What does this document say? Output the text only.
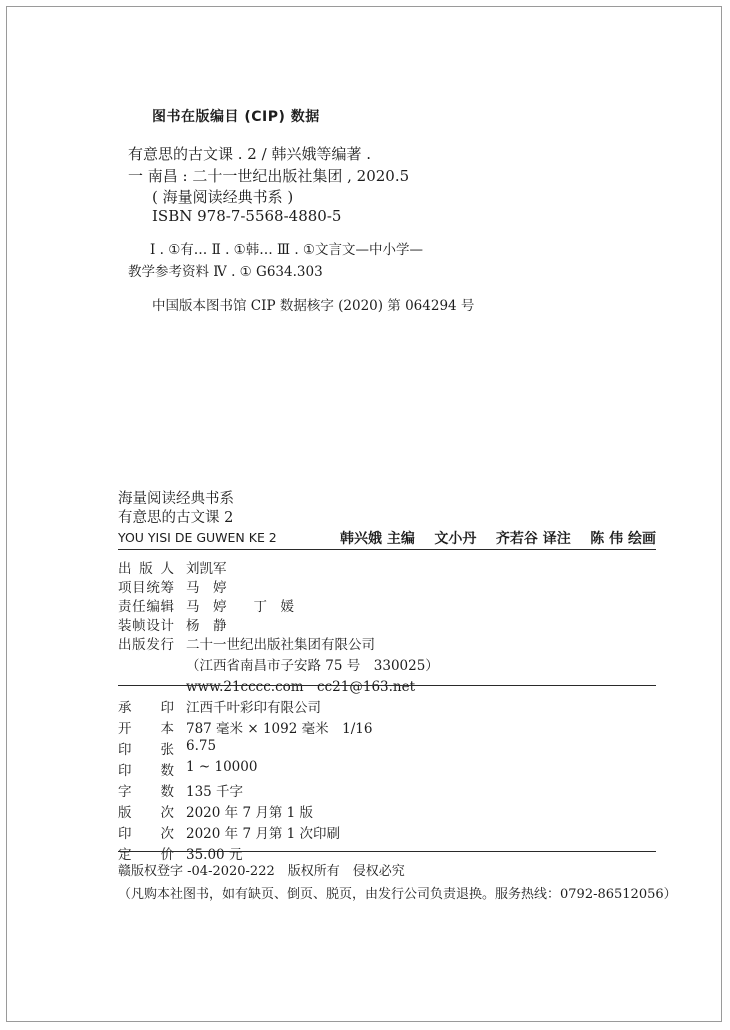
图书在版编目 (CIP) 数据
有意思的古文课 . 2 / 韩兴娥等编著 .
一 南昌 : 二十一世纪出版社集团 , 2020.5
( 海量阅读经典书系 )
ISBN 978-7-5568-4880-5
Ⅰ . ①有… Ⅱ . ①韩… Ⅲ . ①文言文—中小学—
教学参考资料 Ⅳ . ① G634.303
中国版本图书馆 CIP 数据核字 (2020) 第 064294 号
海量阅读经典书系
有意思的古文课 2
YOU YISI DE GUWEN KE 2	韩兴娥 主编 文小丹 齐若谷 译注 陈 伟 绘画
出 版 人 刘凯军
项 目 统 筹 马　婷
责 任 编 辑 马　婷　　丁　媛
装 帧 设 计 杨　静
出 版 发 行 二十一世纪出版社集团有限公司
（江西省南昌市子安路 75 号　330025）
www.21cccc.com　cc21@163.net
承 印 江西千叶彩印有限公司
开 本 787 毫米 × 1092 毫米　1/16
印 张 6.75
印 数 1 ~ 10000
字 数 135 千字
版 次 2020 年 7 月第 1 版
印 次 2020 年 7 月第 1 次印刷
定 价 35.00 元
赣版权登字 -04-2020-222　版权所有　侵权必究
（凡购本社图书，如有缺页、倒页、脱页，由发行公司负责退换。服务热线：0792-86512056）
